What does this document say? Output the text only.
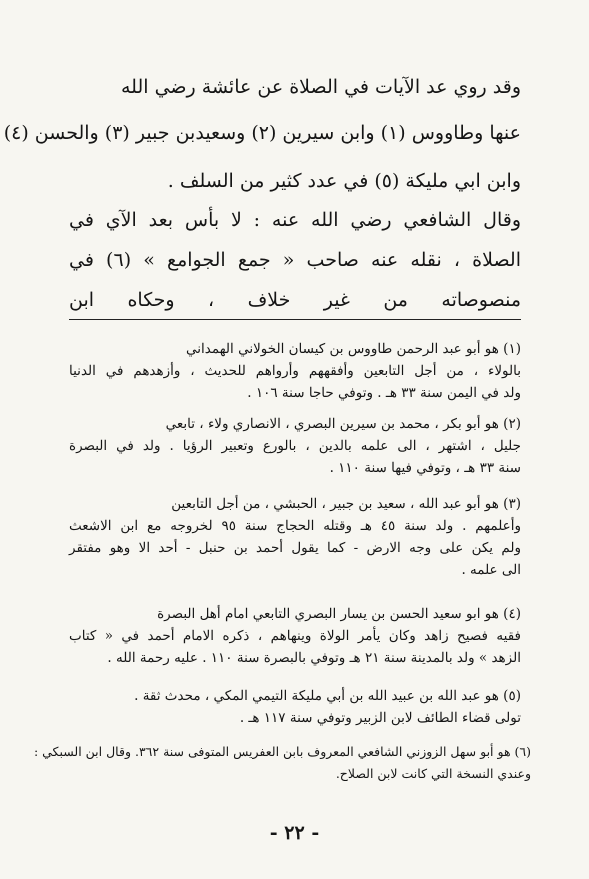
وقد روي عد الآيات في الصلاة عن عائشة رضي الله
عنها وطاووس (١) وابن سيرين (٢) وسعيدبن جبير (٣) والحسن (٤)
وابن ابي مليكة (٥) في عدد كثير من السلف .
وقال الشافعي رضي الله عنه : لا بأس بعد الآي في
الصلاة ، نقله عنه صاحب « جمع الجوامع » (٦) في
منصوصاته من غير خلاف ، وحكاه ابن
(١) هو أبو عبد الرحمن طاووس بن كيسان الخولاني الهمداني
بالولاء ، من أجل التابعين وأفقههم وأرواهم للحديث ، وأزهدهم في الدنيا
ولد في اليمن سنة ٣٣ هـ . وتوفي حاجا سنة ١٠٦ .
(٢) هو أبو بكر ، محمد بن سيرين البصري ، الانصاري ولاء ، تابعي
جليل ، اشتهر ، الى علمه بالدين ، بالورع وتعبير الرؤيا . ولد في البصرة
سنة ٣٣ هـ ، وتوفي فيها سنة ١١٠ .
(٣) هو أبو عبد الله ، سعيد بن جبير ، الحبشي ، من أجل التابعين
وأعلمهم . ولد سنة ٤٥ هـ وقتله الحجاج سنة ٩٥ لخروجه مع ابن الاشعث
ولم يكن على وجه الارض - كما يقول أحمد بن حنبل - أحد الا وهو مفتقر
الى علمه .
(٤) هو ابو سعيد الحسن بن يسار البصري التابعي امام أهل البصرة
فقيه فصيح زاهد وكان يأمر الولاة وينهاهم ، ذكره الامام أحمد في « كتاب
الزهد » ولد بالمدينة سنة ٢١ هـ وتوفي بالبصرة سنة ١١٠ . عليه رحمة الله .
(٥) هو عبد الله بن عبيد الله بن أبي مليكة التيمي المكي ، محدث ثقة .
تولى قضاء الطائف لابن الزبير وتوفي سنة ١١٧ هـ .
(٦) هو أبو سهل الزوزني الشافعي المعروف بابن العفريس المتوفى سنة ٣٦٢. وقال ابن السبكي :
وعندي النسخة التي كانت لابن الصلاح.
- ٢٢ -
